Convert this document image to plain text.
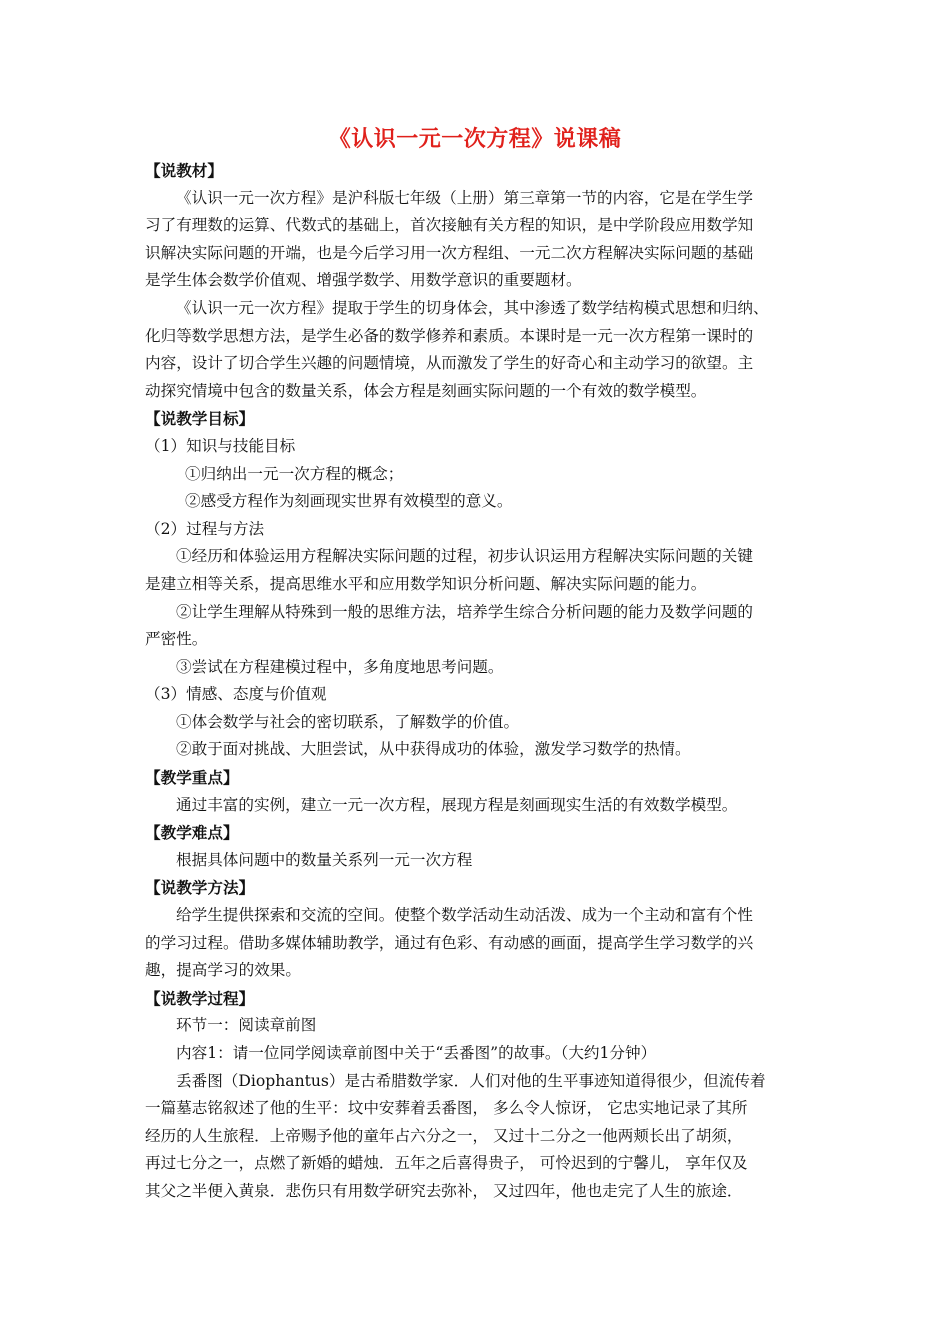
《认识一元一次方程》说课稿
【说教材】
《认识一元一次方程》是沪科版七年级（上册）第三章第一节的内容，它是在学生学
习了有理数的运算、代数式的基础上，首次接触有关方程的知识，是中学阶段应用数学知
识解决实际问题的开端，也是今后学习用一次方程组、一元二次方程解决实际问题的基础
是学生体会数学价值观、增强学数学、用数学意识的重要题材。
《认识一元一次方程》提取于学生的切身体会，其中渗透了数学结构模式思想和归纳、
化归等数学思想方法，是学生必备的数学修养和素质。本课时是一元一次方程第一课时的
内容，设计了切合学生兴趣的问题情境，从而激发了学生的好奇心和主动学习的欲望。主
动探究情境中包含的数量关系，体会方程是刻画实际问题的一个有效的数学模型。
【说教学目标】
（1）知识与技能目标
①归纳出一元一次方程的概念；
②感受方程作为刻画现实世界有效模型的意义。
（2）过程与方法
①经历和体验运用方程解决实际问题的过程，初步认识运用方程解决实际问题的关键
是建立相等关系，提高思维水平和应用数学知识分析问题、解决实际问题的能力。
②让学生理解从特殊到一般的思维方法，培养学生综合分析问题的能力及数学问题的
严密性。
③尝试在方程建模过程中，多角度地思考问题。
（3）情感、态度与价值观
①体会数学与社会的密切联系，了解数学的价值。
②敢于面对挑战、大胆尝试，从中获得成功的体验，激发学习数学的热情。
【教学重点】
通过丰富的实例，建立一元一次方程，展现方程是刻画现实生活的有效数学模型。
【教学难点】
根据具体问题中的数量关系列一元一次方程
【说教学方法】
给学生提供探索和交流的空间。使整个数学活动生动活泼、成为一个主动和富有个性
的学习过程。借助多媒体辅助教学，通过有色彩、有动感的画面，提高学生学习数学的兴
趣，提高学习的效果。
【说教学过程】
环节一：阅读章前图
内容1：请一位同学阅读章前图中关于“丢番图”的故事。（大约1分钟）
丢番图（Diophantus）是古希腊数学家．人们对他的生平事迹知道得很少，但流传着
一篇墓志铭叙述了他的生平：坟中安葬着丢番图， 多么令人惊讶， 它忠实地记录了其所
经历的人生旅程．上帝赐予他的童年占六分之一， 又过十二分之一他两颊长出了胡须，
再过七分之一，点燃了新婚的蜡烛．五年之后喜得贵子， 可怜迟到的宁馨儿， 享年仅及
其父之半便入黄泉．悲伤只有用数学研究去弥补， 又过四年，他也走完了人生的旅途．
